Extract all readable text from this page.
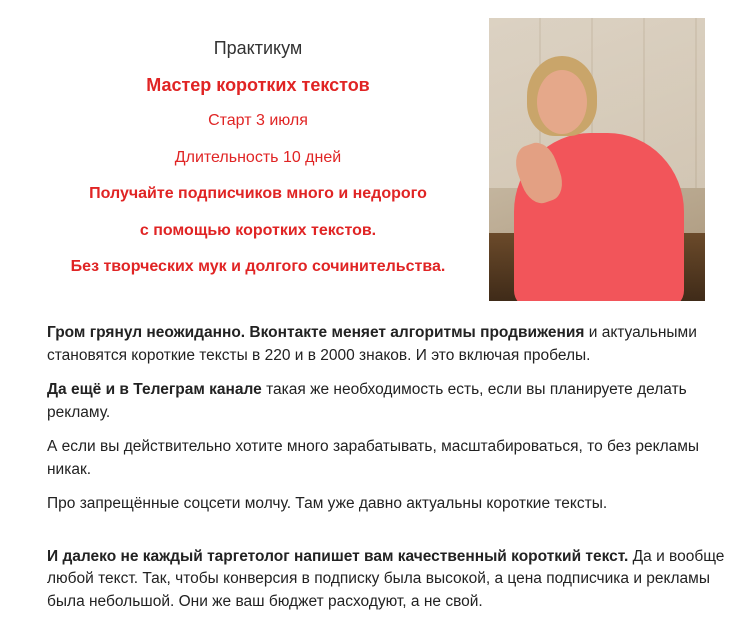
Практикум
Мастер коротких текстов
Старт 3 июля
Длительность 10 дней
Получайте подписчиков много и недорого
с помощью коротких текстов.
Без творческих мук и долгого сочинительства.

Гром грянул неожиданно. Вконтакте меняет алгоритмы продвижения и актуальными становятся короткие тексты в 220 и в 2000 знаков. И это включая пробелы.

Да ещё и в Телеграм канале такая же необходимость есть, если вы планируете делать рекламу.

А если вы действительно хотите много зарабатывать, масштабироваться, то без рекламы никак.

Про запрещённые соцсети молчу. Там уже давно актуальны короткие тексты.

И далеко не каждый таргетолог напишет вам качественный короткий текст. Да и вообще любой текст. Так, чтобы конверсия в подписку была высокой, а цена подписчика и рекламы была небольшой. Они же ваш бюджет расходуют, а не свой.
